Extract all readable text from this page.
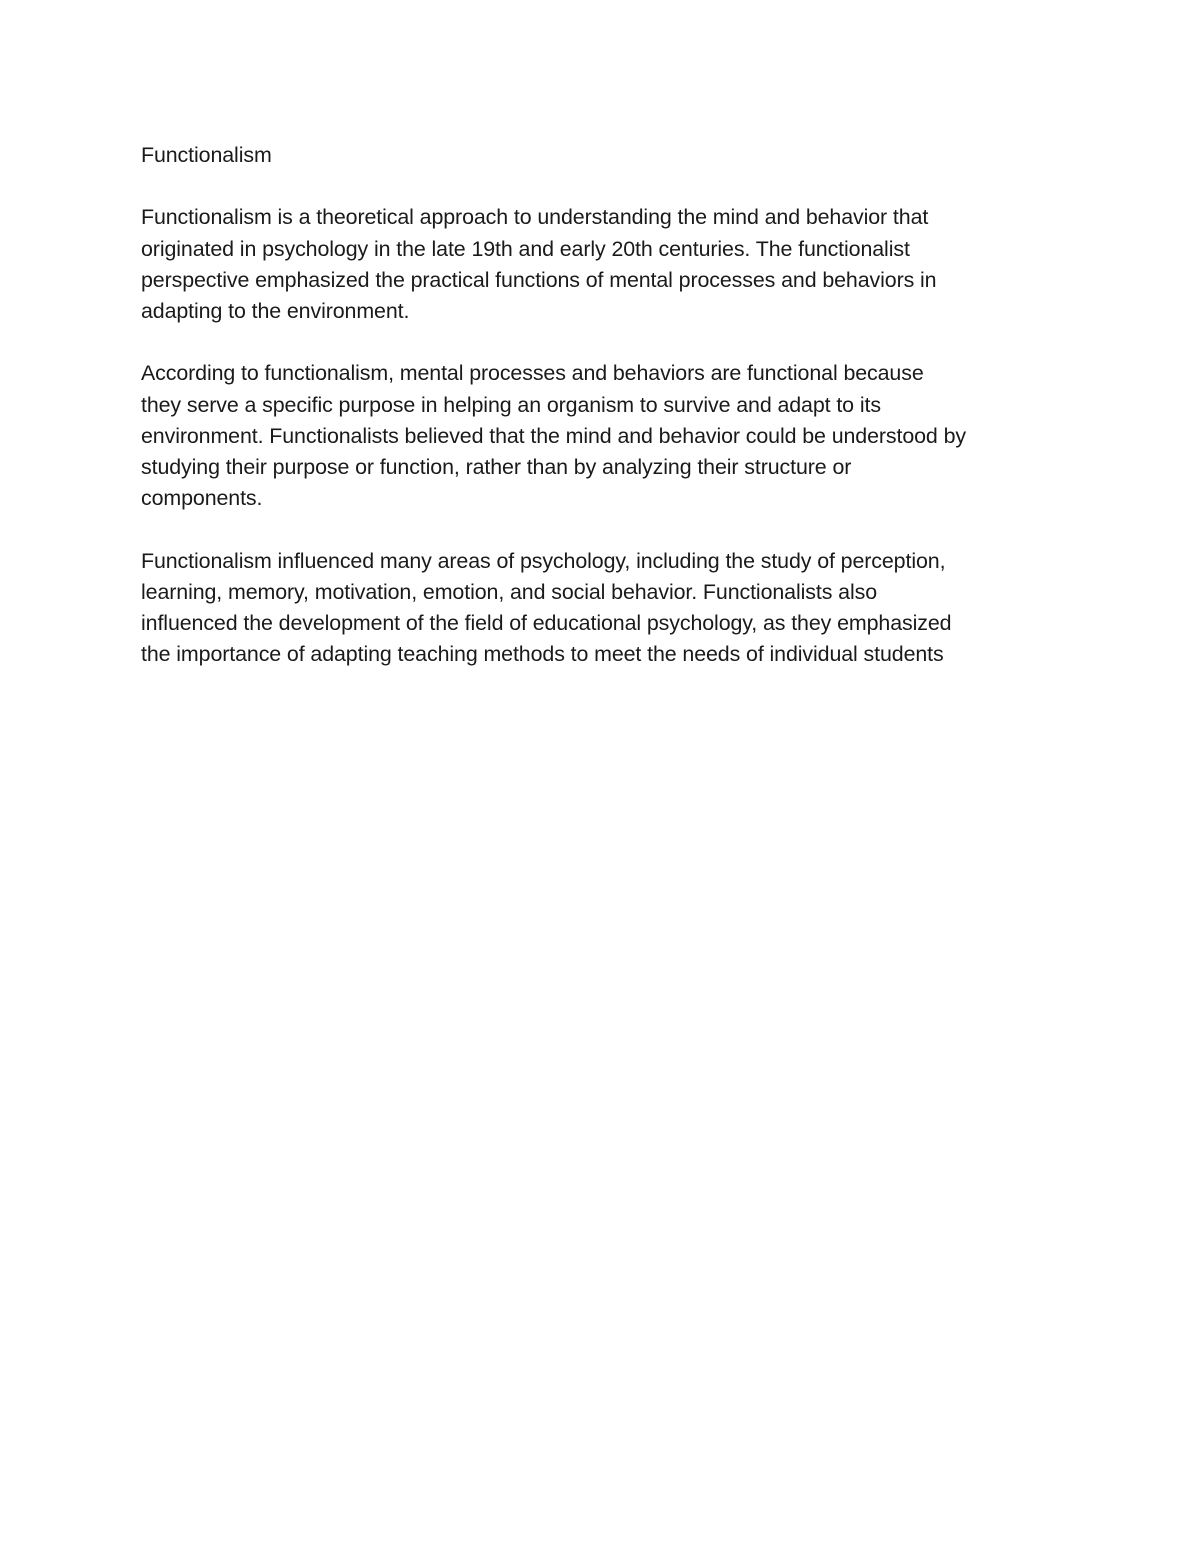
Functionalism
Functionalism is a theoretical approach to understanding the mind and behavior that
originated in psychology in the late 19th and early 20th centuries. The functionalist
perspective emphasized the practical functions of mental processes and behaviors in
adapting to the environment.
According to functionalism, mental processes and behaviors are functional because
they serve a specific purpose in helping an organism to survive and adapt to its
environment. Functionalists believed that the mind and behavior could be understood by
studying their purpose or function, rather than by analyzing their structure or
components.
Functionalism influenced many areas of psychology, including the study of perception,
learning, memory, motivation, emotion, and social behavior. Functionalists also
influenced the development of the field of educational psychology, as they emphasized
the importance of adapting teaching methods to meet the needs of individual students
